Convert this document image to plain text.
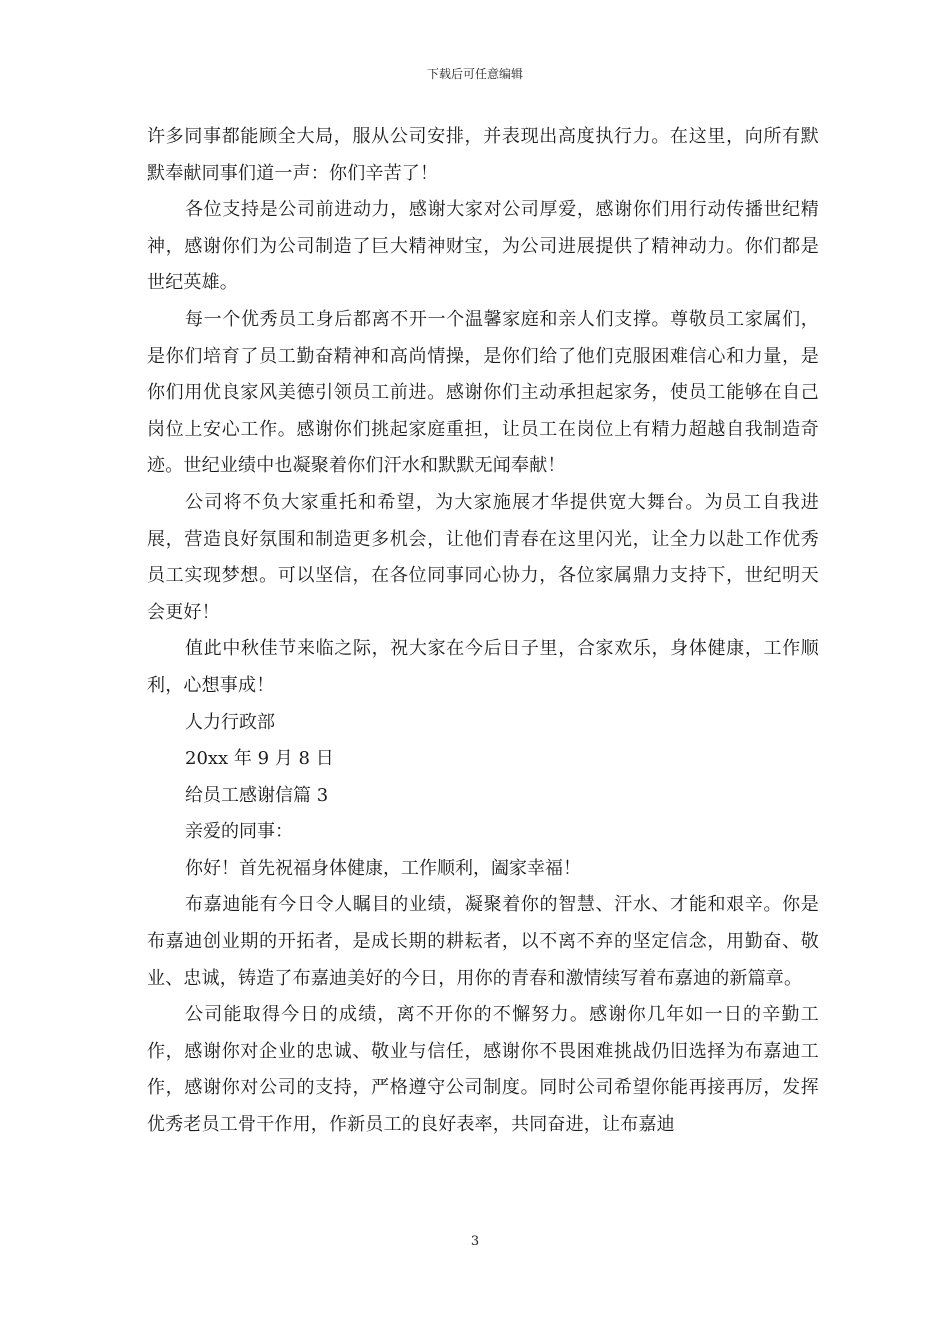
下载后可任意编辑

许多同事都能顾全大局，服从公司安排，并表现出高度执行力。在这里，向所有默默奉献同事们道一声：你们辛苦了！

各位支持是公司前进动力，感谢大家对公司厚爱，感谢你们用行动传播世纪精神，感谢你们为公司制造了巨大精神财宝，为公司进展提供了精神动力。你们都是世纪英雄。

每一个优秀员工身后都离不开一个温馨家庭和亲人们支撑。尊敬员工家属们，是你们培育了员工勤奋精神和高尚情操，是你们给了他们克服困难信心和力量，是你们用优良家风美德引领员工前进。感谢你们主动承担起家务，使员工能够在自己岗位上安心工作。感谢你们挑起家庭重担，让员工在岗位上有精力超越自我制造奇迹。世纪业绩中也凝聚着你们汗水和默默无闻奉献！

公司将不负大家重托和希望，为大家施展才华提供宽大舞台。为员工自我进展，营造良好氛围和制造更多机会，让他们青春在这里闪光，让全力以赴工作优秀员工实现梦想。可以坚信，在各位同事同心协力，各位家属鼎力支持下，世纪明天会更好！

值此中秋佳节来临之际，祝大家在今后日子里，合家欢乐，身体健康，工作顺利，心想事成！

人力行政部

20xx 年 9 月 8 日

给员工感谢信篇 3

亲爱的同事：

你好！首先祝福身体健康，工作顺利，阖家幸福！

布嘉迪能有今日令人瞩目的业绩，凝聚着你的智慧、汗水、才能和艰辛。你是布嘉迪创业期的开拓者，是成长期的耕耘者，以不离不弃的坚定信念，用勤奋、敬业、忠诚，铸造了布嘉迪美好的今日，用你的青春和激情续写着布嘉迪的新篇章。

公司能取得今日的成绩，离不开你的不懈努力。感谢你几年如一日的辛勤工作，感谢你对企业的忠诚、敬业与信任，感谢你不畏困难挑战仍旧选择为布嘉迪工作，感谢你对公司的支持，严格遵守公司制度。同时公司希望你能再接再厉，发挥优秀老员工骨干作用，作新员工的良好表率，共同奋进，让布嘉迪

3
